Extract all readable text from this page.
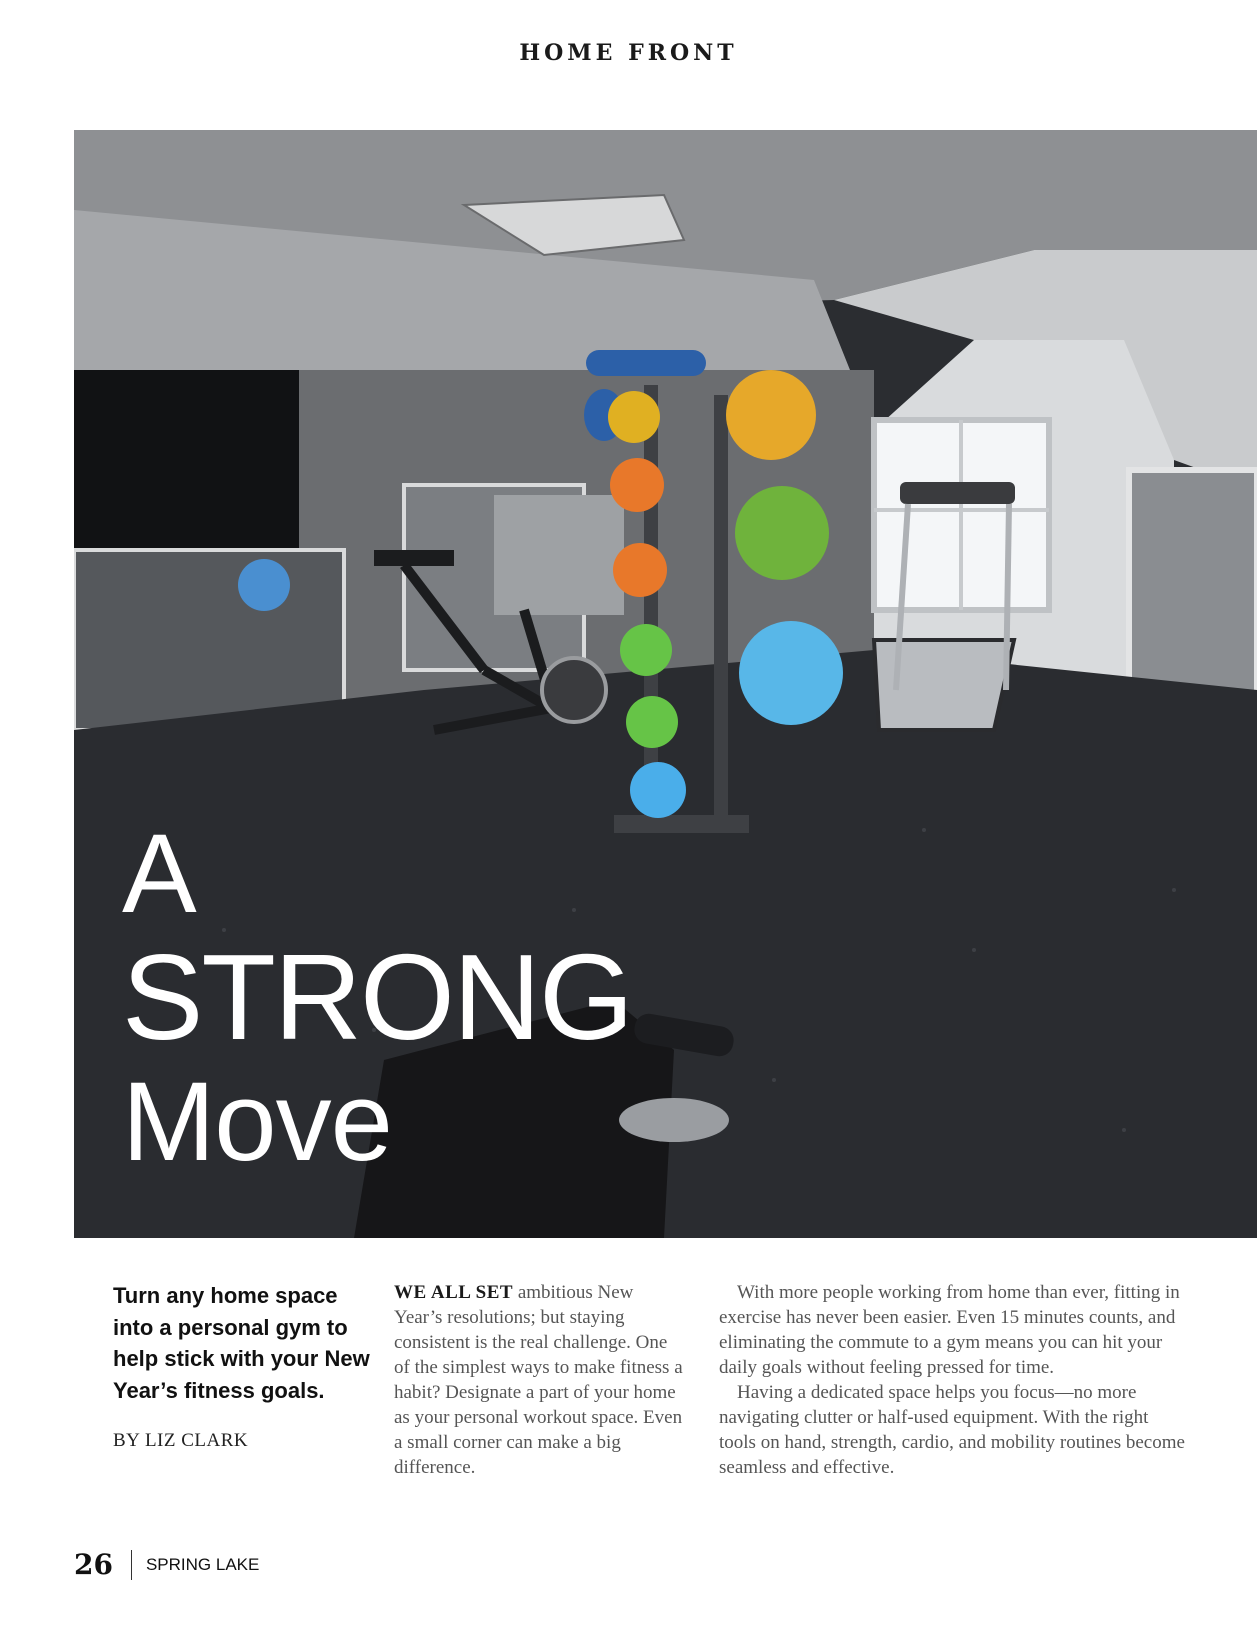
HOME FRONT
A
STRONG
Move
Turn any home space into a personal gym to help stick with your New Year’s fitness goals.
BY LIZ CLARK

WE ALL SET ambitious New Year’s resolutions; but staying consistent is the real challenge. One of the simplest ways to make fitness a habit? Designate a part of your home as your personal workout space. Even a small corner can make a big difference.

With more people working from home than ever, fitting in exercise has never been easier. Even 15 minutes counts, and eliminating the commute to a gym means you can hit your daily goals without feeling pressed for time.

Having a dedicated space helps you focus—no more navigating clutter or half-used equipment. With the right tools on hand, strength, cardio, and mobility routines become seamless and effective.

26 SPRING LAKE
